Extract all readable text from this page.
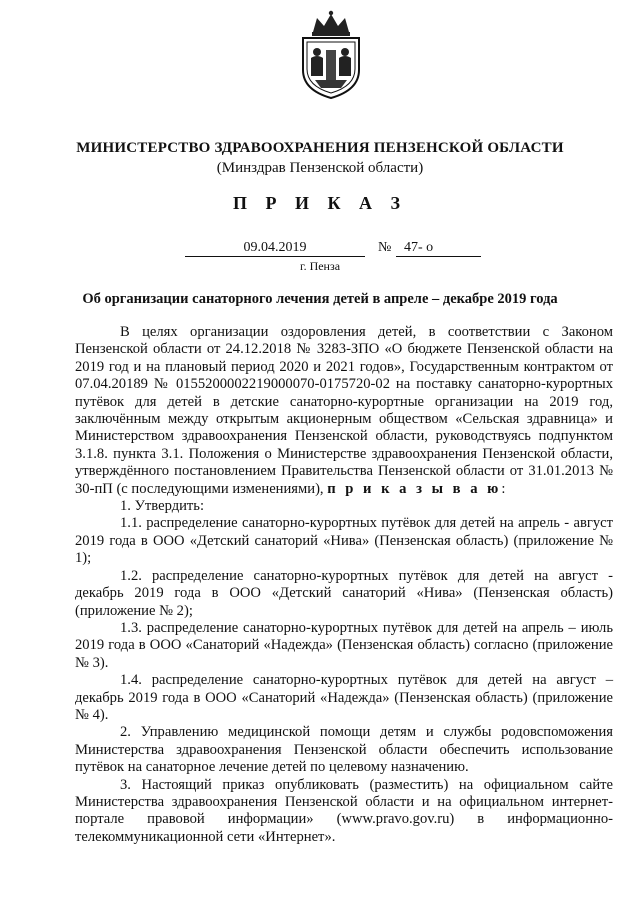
МИНИСТЕРСТВО ЗДРАВООХРАНЕНИЯ ПЕНЗЕНСКОЙ ОБЛАСТИ
(Минздрав Пензенской области)
П Р И К А З
09.04.2019	№ 47- о
г. Пенза
Об организации санаторного лечения детей в апреле – декабре 2019 года

В целях организации оздоровления детей, в соответствии с Законом Пензенской области от 24.12.2018 № 3283-ЗПО «О бюджете Пензенской области на 2019 год и на плановый период 2020 и 2021 годов», Государственным контрактом от 07.04.20189 № 0155200002219000070-0175720-02 на поставку санаторно-курортных путёвок для детей в детские санаторно-курортные организации на 2019 год, заключённым между открытым акционерным обществом «Сельская здравница» и Министерством здравоохранения Пензенской области, руководствуясь подпунктом 3.1.8. пункта 3.1. Положения о Министерстве здравоохранения Пензенской области, утверждённого постановлением Правительства Пензенской области от 31.01.2013 № 30-пП (с последующими изменениями), п р и к а з ы в а ю:

1. Утвердить:

1.1. распределение санаторно-курортных путёвок для детей на апрель - август 2019 года в ООО «Детский санаторий «Нива» (Пензенская область) (приложение № 1);

1.2. распределение санаторно-курортных путёвок для детей на август - декабрь 2019 года в ООО «Детский санаторий «Нива» (Пензенская область) (приложение № 2);

1.3. распределение санаторно-курортных путёвок для детей на апрель – июль 2019 года в ООО «Санаторий «Надежда» (Пензенская область) согласно (приложение № 3).

1.4. распределение санаторно-курортных путёвок для детей на август – декабрь 2019 года в ООО «Санаторий «Надежда» (Пензенская область) (приложение № 4).

2. Управлению медицинской помощи детям и службы родовспоможения Министерства здравоохранения Пензенской области обеспечить использование путёвок на санаторное лечение детей по целевому назначению.

3. Настоящий приказ опубликовать (разместить) на официальном сайте Министерства здравоохранения Пензенской области и на официальном интернет-портале правовой информации» (www.pravo.gov.ru) в информационно-телекоммуникационной сети «Интернет».
